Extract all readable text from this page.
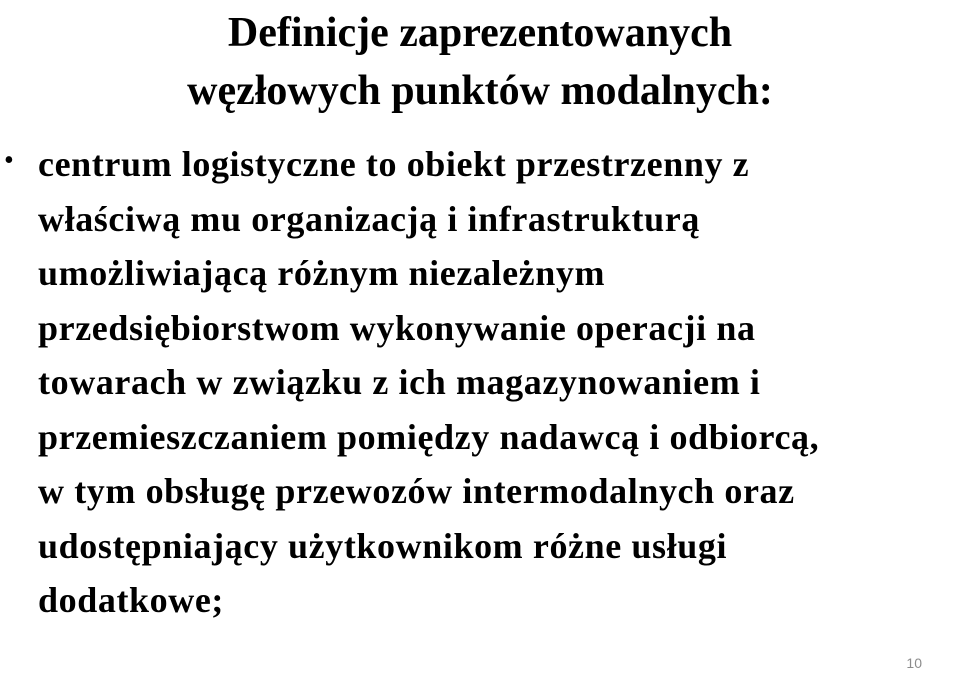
Definicje zaprezentowanych
węzłowych punktów modalnych:
• centrum logistyczne to obiekt przestrzenny z
właściwą mu organizacją i infrastrukturą
umożliwiającą różnym niezależnym
przedsiębiorstwom wykonywanie operacji na
towarach w związku z ich magazynowaniem i
przemieszczaniem pomiędzy nadawcą i odbiorcą,
w tym obsługę przewozów intermodalnych oraz
udostępniający użytkownikom różne usługi
dodatkowe;
10
